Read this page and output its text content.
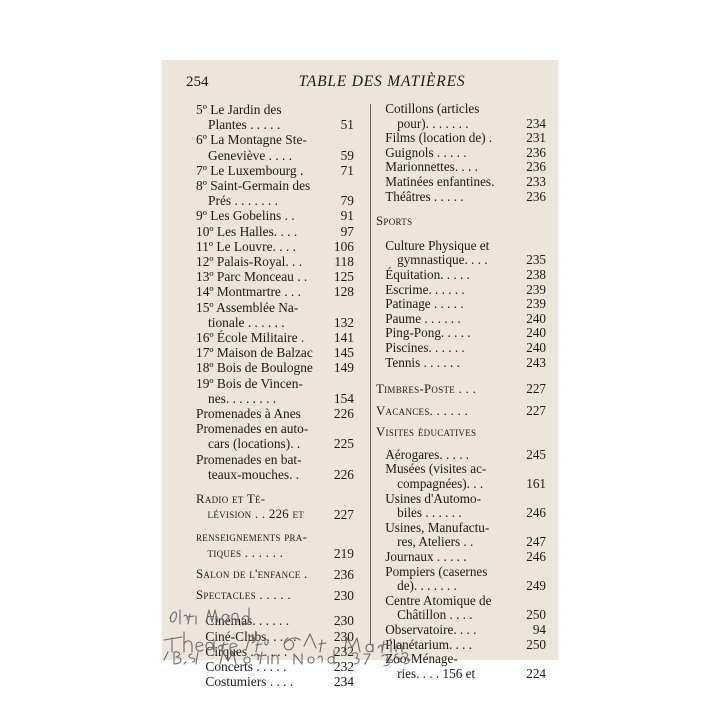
254	TABLE DES MATIÈRES
5º Le Jardin des
Plantes . . . . .	51
6º La Montagne Ste-
Geneviève . . . .	59
7º Le Luxembourg .	71
8º Saint-Germain des
Prés . . . . . . .	79
9º Les Gobelins . .	91
10º Les Halles. . . .	97
11º Le Louvre. . . .	106
12º Palais-Royal. . .	118
13º Parc Monceau . .	125
14º Montmartre . . .	128
15º Assemblée Na-
tionale . . . . . .	132
16º École Militaire .	141
17º Maison de Balzac	145
18º Bois de Boulogne	149
19º Bois de Vincen-
nes. . . . . . . .	154
Promenades à Anes	226
Promenades en auto-
cars (locations). .	225
Promenades en bat-
teaux-mouches. .	226
Radio et Té-
lévision . . 226 et	227
renseignements pra-
tiques . . . . . .	219
Salon de l'enfance .	236
Spectacles . . . . .	230
Cinémas. . . . . .	230
Ciné-Clubs. . . . .	230
Cirques . . . . . .	232
Concerts . . . . .	232
Costumiers . . . .	234
Cotillons (articles
pour). . . . . . .	234
Films (location de) .	231
Guignols . . . . .	236
Marionnettes. . . .	236
Matinées enfantines.	233
Théâtres . . . . .	236
Sports
Culture Physique et
gymnastique. . . .	235
Équitation. . . . .	238
Escrime. . . . . .	239
Patinage . . . . .	239
Paume . . . . . .	240
Ping-Pong. . . . .	240
Piscines. . . . . .	240
Tennis . . . . . .	243
Timbres-Poste . . .	227
Vacances. . . . . .	227
Visites éducatives
Aérogares. . . . .	245
Musées (visites ac-
compagnées). . .	161
Usines d'Automo-
biles . . . . . .	246
Usines, Manufactu-
res, Ateliers . .	247
Journaux . . . . .	246
Pompiers (casernes
de). . . . . . .	249
Centre Atomique de
Châtillon . . . .	250
Observatoire. . . .	94
Planétarium. . . .	250
Zoo-Ménage-
ries. . . . 156 et	224
